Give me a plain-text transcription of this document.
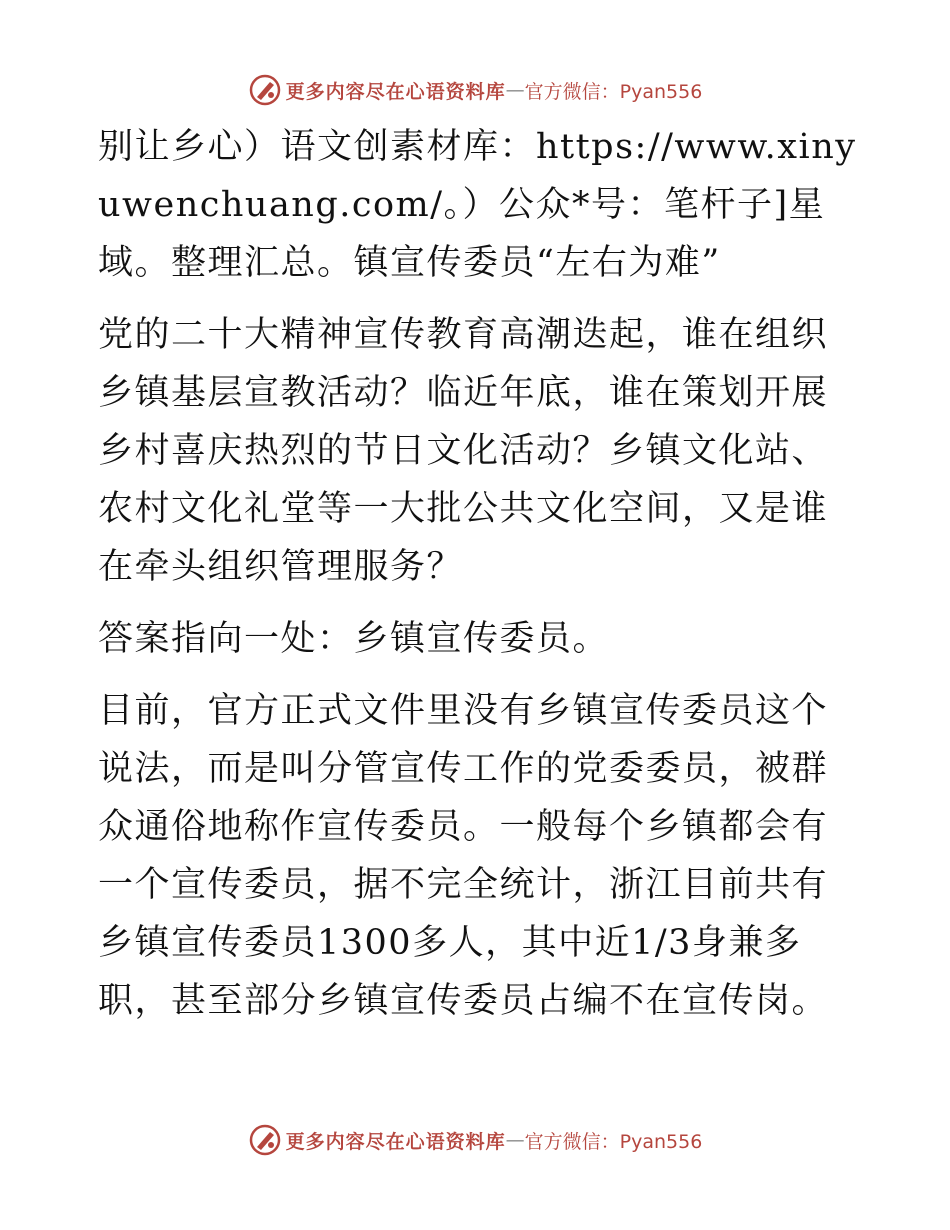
更多内容尽在心语资料库 — 官方微信：Pyan556

别让乡心）语文创素材库：https://www.xinyuwenchuang.com/。）公众*号：笔杆子]星域。整理汇总。镇宣传委员“左右为难”

党的二十大精神宣传教育高潮迭起，谁在组织乡镇基层宣教活动？临近年底，谁在策划开展乡村喜庆热烈的节日文化活动？乡镇文化站、农村文化礼堂等一大批公共文化空间，又是谁在牵头组织管理服务？

答案指向一处：乡镇宣传委员。

目前，官方正式文件里没有乡镇宣传委员这个说法，而是叫分管宣传工作的党委委员，被群众通俗地称作宣传委员。一般每个乡镇都会有一个宣传委员，据不完全统计，浙江目前共有乡镇宣传委员1300多人，其中近1/3身兼多职，甚至部分乡镇宣传委员占编不在宣传岗。

更多内容尽在心语资料库 — 官方微信：Pyan556
